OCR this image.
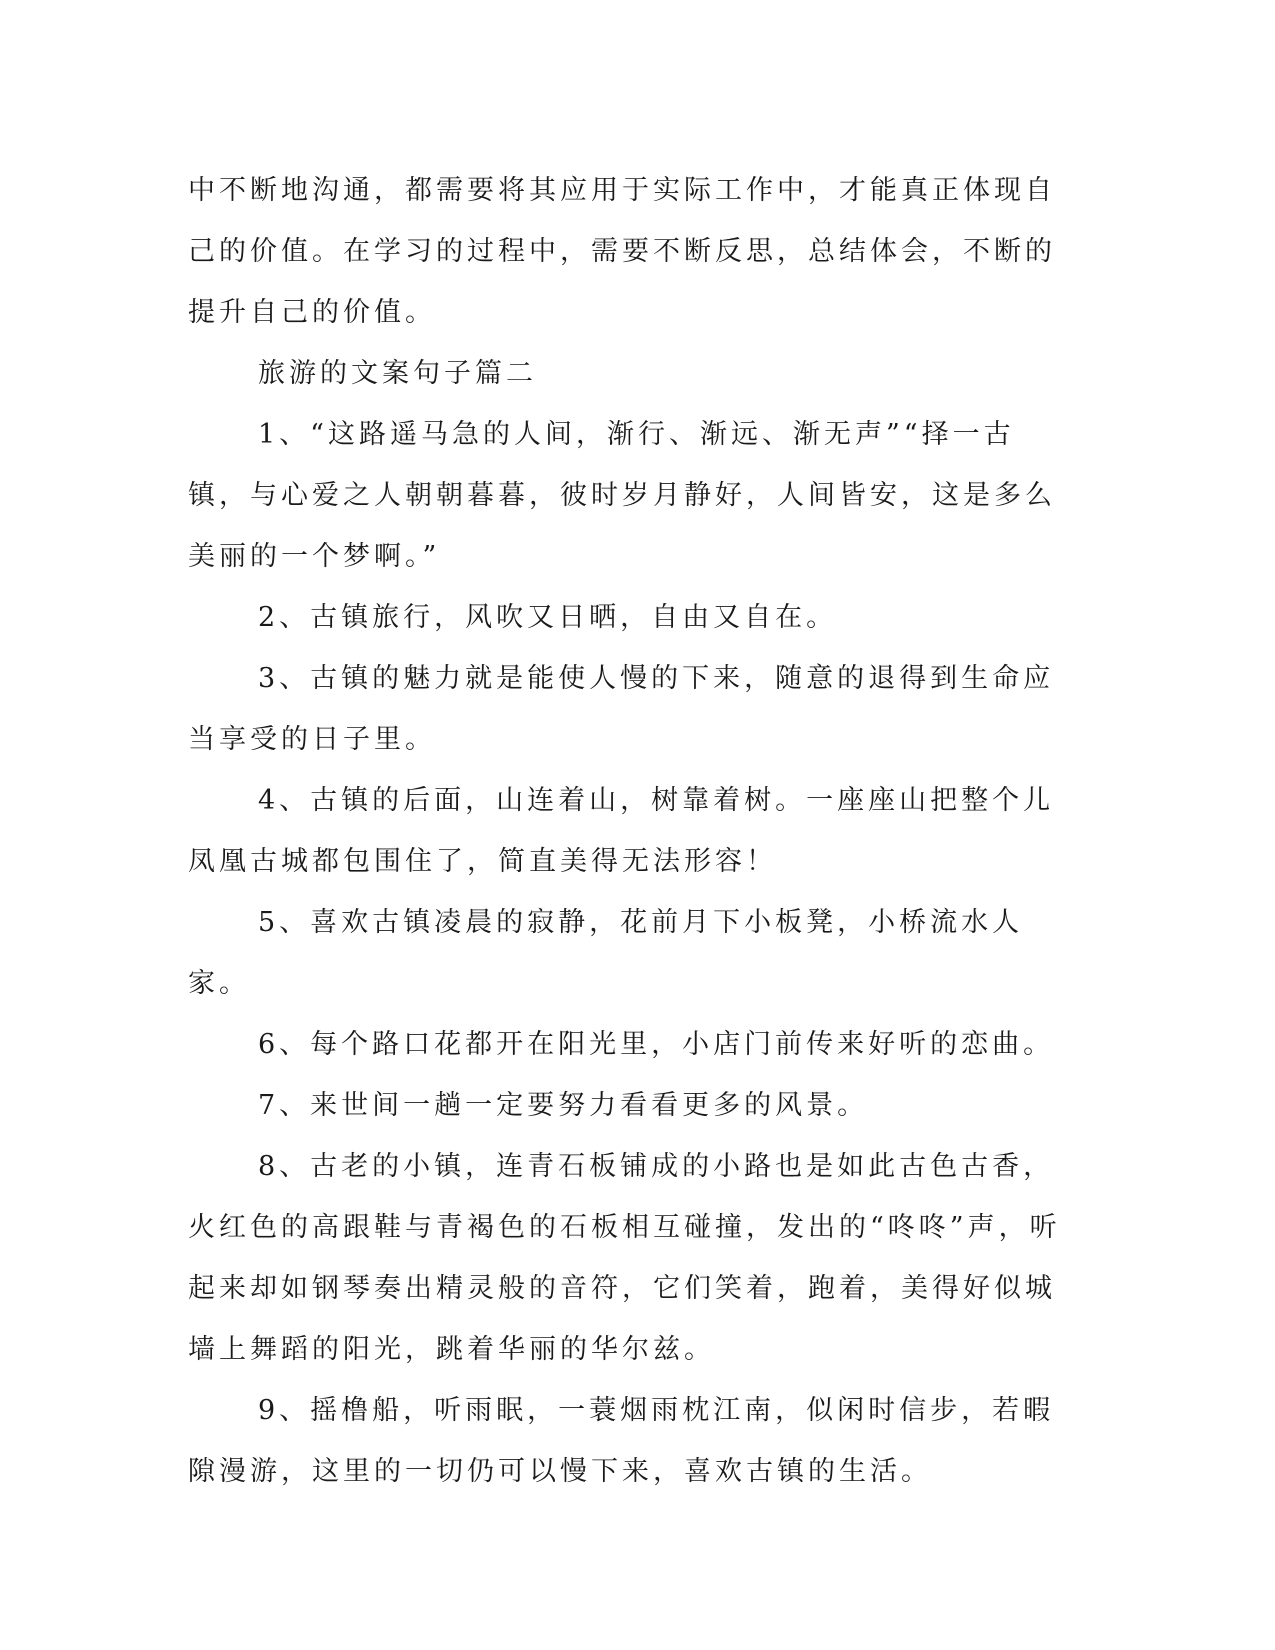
中不断地沟通，都需要将其应用于实际工作中，才能真正体现自己的价值。在学习的过程中，需要不断反思，总结体会，不断的提升自己的价值。

旅游的文案句子篇二

1、“这路遥马急的人间，渐行、渐远、渐无声”“择一古镇，与心爱之人朝朝暮暮，彼时岁月静好，人间皆安，这是多么美丽的一个梦啊。”

2、古镇旅行，风吹又日晒，自由又自在。

3、古镇的魅力就是能使人慢的下来，随意的退得到生命应当享受的日子里。

4、古镇的后面，山连着山，树靠着树。一座座山把整个儿凤凰古城都包围住了，简直美得无法形容！

5、喜欢古镇凌晨的寂静，花前月下小板凳，小桥流水人家。

6、每个路口花都开在阳光里，小店门前传来好听的恋曲。

7、来世间一趟一定要努力看看更多的风景。

8、古老的小镇，连青石板铺成的小路也是如此古色古香，火红色的高跟鞋与青褐色的石板相互碰撞，发出的“咚咚”声，听起来却如钢琴奏出精灵般的音符，它们笑着，跑着，美得好似城墙上舞蹈的阳光，跳着华丽的华尔兹。

9、摇橹船，听雨眠，一蓑烟雨枕江南，似闲时信步，若暇隙漫游，这里的一切仍可以慢下来，喜欢古镇的生活。
